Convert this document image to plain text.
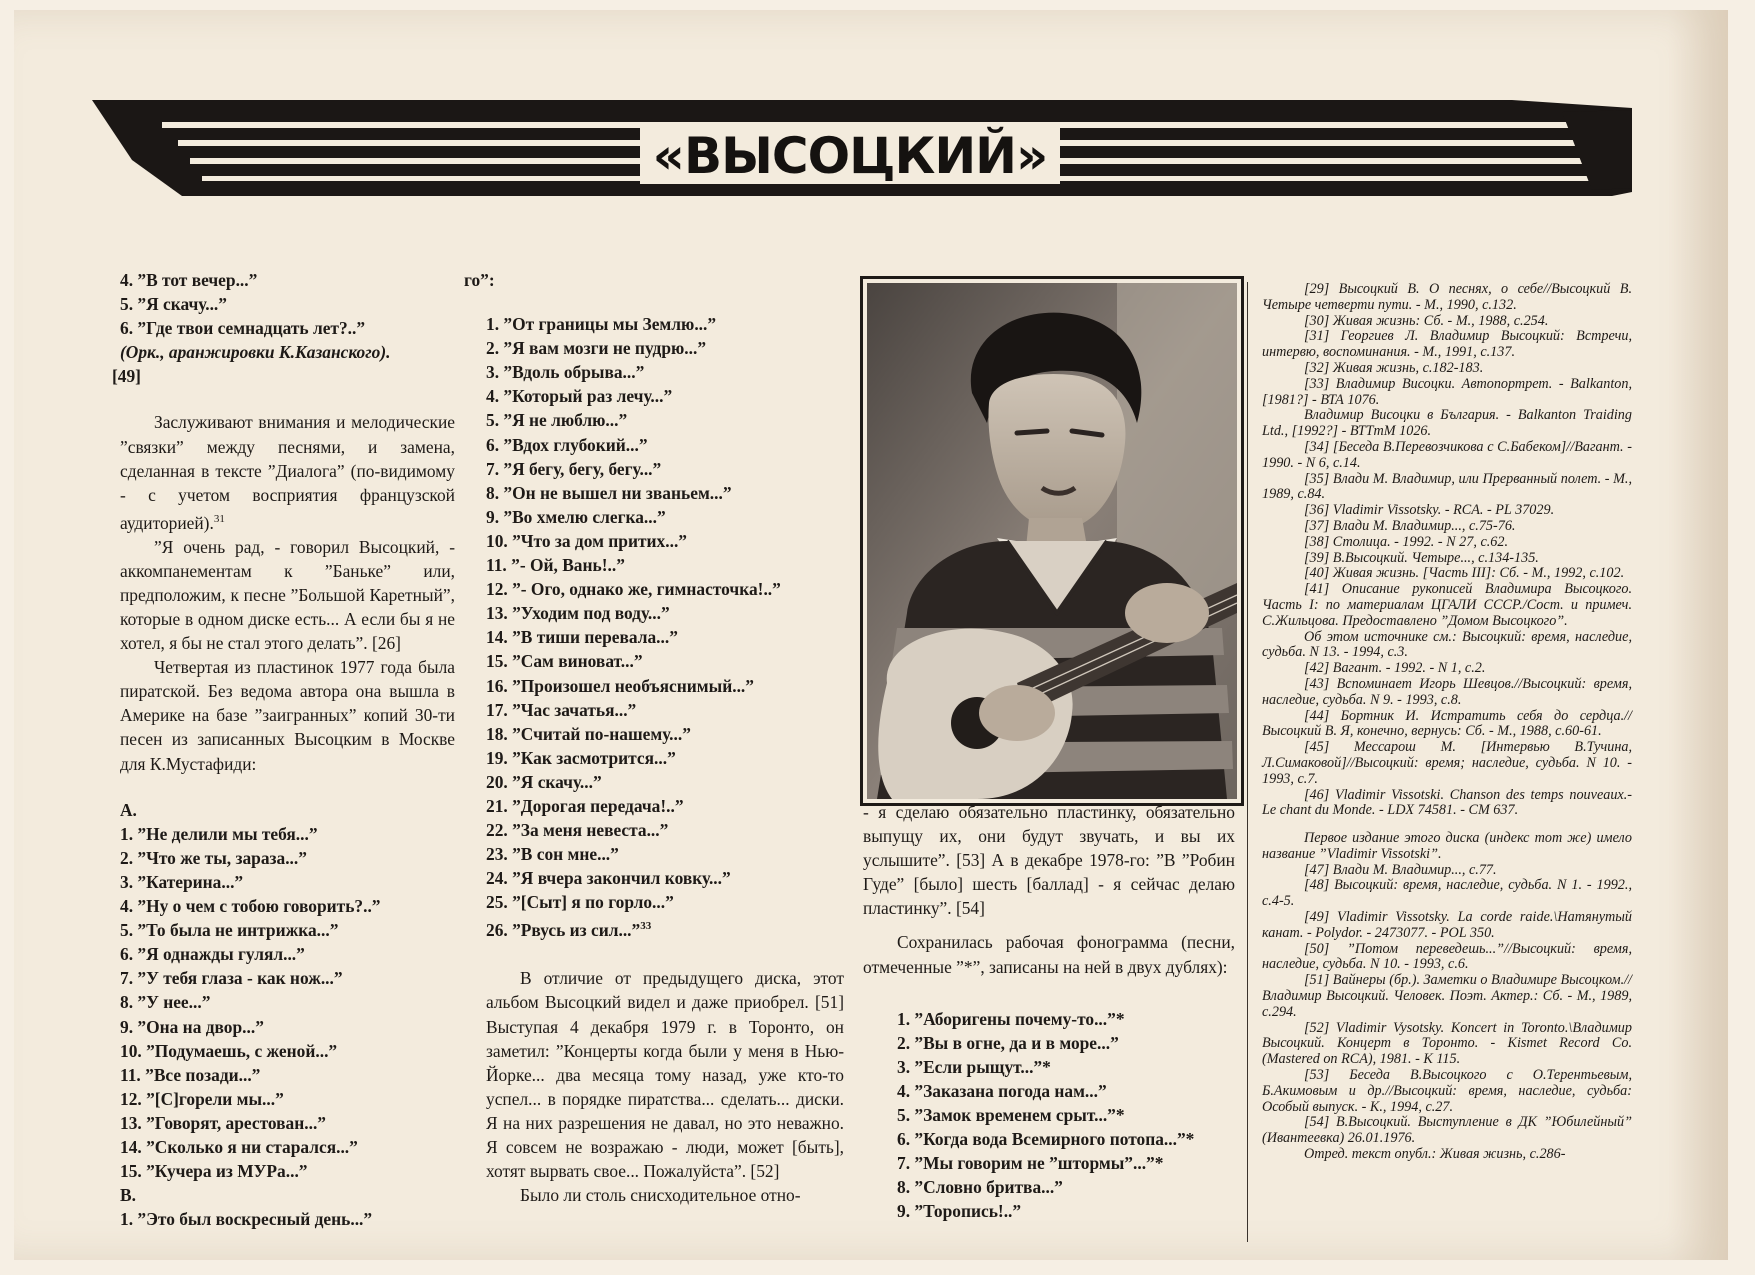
«ВЫСОЦКИЙ»

4. ”В тот вечер...”

5. ”Я скачу...”

6. ”Где твои семнадцать лет?..”

(Орк., аранжировки К.Казанского).

[49]

Заслуживают внимания и мелодические ”связки” между песнями, и замена, сделанная в тексте ”Диалога” (по-видимому - с учетом восприятия французской аудиторией).$^{31}$

”Я очень рад, - говорил Высоцкий, - аккомпанементам к ”Баньке” или, предположим, к песне ”Большой Каретный”, которые в одном диске есть... А если бы я не хотел, я бы не стал этого делать”. [26]

Четвертая из пластинок 1977 года была пиратской. Без ведома автора она вышла в Америке на базе ”заигранных” копий 30-ти песен из записанных Высоцким в Москве для К.Мустафиди:

A.

1. ”Не делили мы тебя...”

2. ”Что же ты, зараза...”

3. ”Катерина...”

4. ”Ну о чем с тобою говорить?..”

5. ”То была не интрижка...”

6. ”Я однажды гулял...”

7. ”У тебя глаза - как нож...”

8. ”У нее...”

9. ”Она на двор...”

10. ”Подумаешь, с женой...”

11. ”Все позади...”

12. ”[С]горели мы...”

13. ”Говорят, арестован...”

14. ”Сколько я ни старался...”

15. ”Кучера из МУРа...”

B.

1. ”Это был воскресный день...”

го”:

1. ”От границы мы Землю...”

2. ”Я вам мозги не пудрю...”

3. ”Вдоль обрыва...”

4. ”Который раз лечу...”

5. ”Я не люблю...”

6. ”Вдох глубокий...”

7. ”Я бегу, бегу, бегу...”

8. ”Он не вышел ни званьем...”

9. ”Во хмелю слегка...”

10. ”Что за дом притих...”

11. ”- Ой, Вань!..”

12. ”- Ого, однако же, гимнасточка!..”

13. ”Уходим под воду...”

14. ”В тиши перевала...”

15. ”Сам виноват...”

16. ”Произошел необъяснимый...”

17. ”Час зачатья...”

18. ”Считай по-нашему...”

19. ”Как засмотрится...”

20. ”Я скачу...”

21. ”Дорогая передача!..”

22. ”За меня невеста...”

23. ”В сон мне...”

24. ”Я вчера закончил ковку...”

25. ”[Сыт] я по горло...”

26. ”Рвусь из сил...”$^{33}$

В отличие от предыдущего диска, этот альбом Высоцкий видел и даже приобрел. [51] Выступая 4 декабря 1979 г. в Торонто, он заметил: ”Концерты когда были у меня в Нью-Йорке... два месяца тому назад, уже кто-то успел... в порядке пиратства... сделать... диски. Я на них разрешения не давал, но это неважно. Я совсем не возражаю - люди, может [быть], хотят вырвать свое... Пожалуйста”. [52]

Было ли столь снисходительное отно-

- я сделаю обязательно пластинку, обязательно выпущу их, они будут звучать, и вы их услышите”. [53] А в декабре 1978-го: ”В ”Робин Гуде” [было] шесть [баллад] - я сейчас делаю пластинку”. [54]

Сохранилась рабочая фонограмма (песни, отмеченные ”*”, записаны на ней в двух дублях):

1. ”Аборигены почему-то...”*

2. ”Вы в огне, да и в море...”

3. ”Если рыщут...”*

4. ”Заказана погода нам...”

5. ”Замок временем срыт...”*

6. ”Когда вода Всемирного потопа...”*

7. ”Мы говорим не ”штормы”...”*

8. ”Словно бритва...”

9. ”Торопись!..”

[29] Высоцкий В. О песнях, о себе//Высоцкий В. Четыре четверти пути. - М., 1990, с.132.

[30] Живая жизнь: Сб. - М., 1988, с.254.

[31] Георгиев Л. Владимир Высоцкий: Встречи, интервю, воспоминания. - М., 1991, с.137.

[32] Живая жизнь, с.182-183.

[33] Владимир Висоцки. Автопортрет. - Balkanton, [1981?] - ВТА 1076.

Владимир Висоцки в България. - Balkanton Traiding Ltd., [1992?] - ВТТтМ 1026.

[34] [Беседа В.Перевозчикова с С.Бабеком]//Вагант. - 1990. - N 6, с.14.

[35] Влади М. Владимир, или Прерванный полет. - М., 1989, с.84.

[36] Vladimir Vissotsky. - RCA. - PL 37029.

[37] Влади М. Владимир..., с.75-76.

[38] Столица. - 1992. - N 27, с.62.

[39] В.Высоцкий. Четыре..., с.134-135.

[40] Живая жизнь. [Часть III]: Сб. - М., 1992, с.102.

[41] Описание рукописей Владимира Высоцкого. Часть I: по материалам ЦГАЛИ СССР./Сост. и примеч. С.Жильцова. Предоставлено ”Домом Высоцкого”.

Об этом источнике см.: Высоцкий: время, наследие, судьба. N 13. - 1994, с.3.

[42] Вагант. - 1992. - N 1, с.2.

[43] Вспоминает Игорь Шевцов.//Высоцкий: время, наследие, судьба. N 9. - 1993, с.8.

[44] Бортник И. Истратить себя до сердца.//Высоцкий В. Я, конечно, вернусь: Сб. - М., 1988, с.60-61.

[45] Мессарош М. [Интервью В.Тучина, Л.Симаковой]//Высоцкий: время; наследие, судьба. N 10. - 1993, с.7.

[46] Vladimir Vissotski. Chanson des temps nouveaux.- Le chant du Monde. - LDX 74581. - CM 637.

Первое издание этого диска (индекс тот же) имело название ”Vladimir Vissotski”.

[47] Влади М. Владимир..., с.77.

[48] Высоцкий: время, наследие, судьба. N 1. - 1992., с.4-5.

[49] Vladimir Vissotsky. La corde raide.\Натянутый канат. - Polydor. - 2473077. - POL 350.

[50] ”Потом переведешь...”//Высоцкий: время, наследие, судьба. N 10. - 1993, с.6.

[51] Вайнеры (бр.). Заметки о Владимире Высоцком.//Владимир Высоцкий. Человек. Поэт. Актер.: Сб. - М., 1989, с.294.

[52] Vladimir Vysotsky. Koncert in Toronto.\Владимир Высоцкий. Концерт в Торонто. - Kismet Record Co. (Mastered on RCA), 1981. - К 115.

[53] Беседа В.Высоцкого с О.Терентьевым, Б.Акимовым и др.//Высоцкий: время, наследие, судьба: Особый выпуск. - К., 1994, с.27.

[54] В.Высоцкий. Выступление в ДК ”Юбилейный” (Ивантеевка) 26.01.1976.

Отред. текст опубл.: Живая жизнь, с.286-
